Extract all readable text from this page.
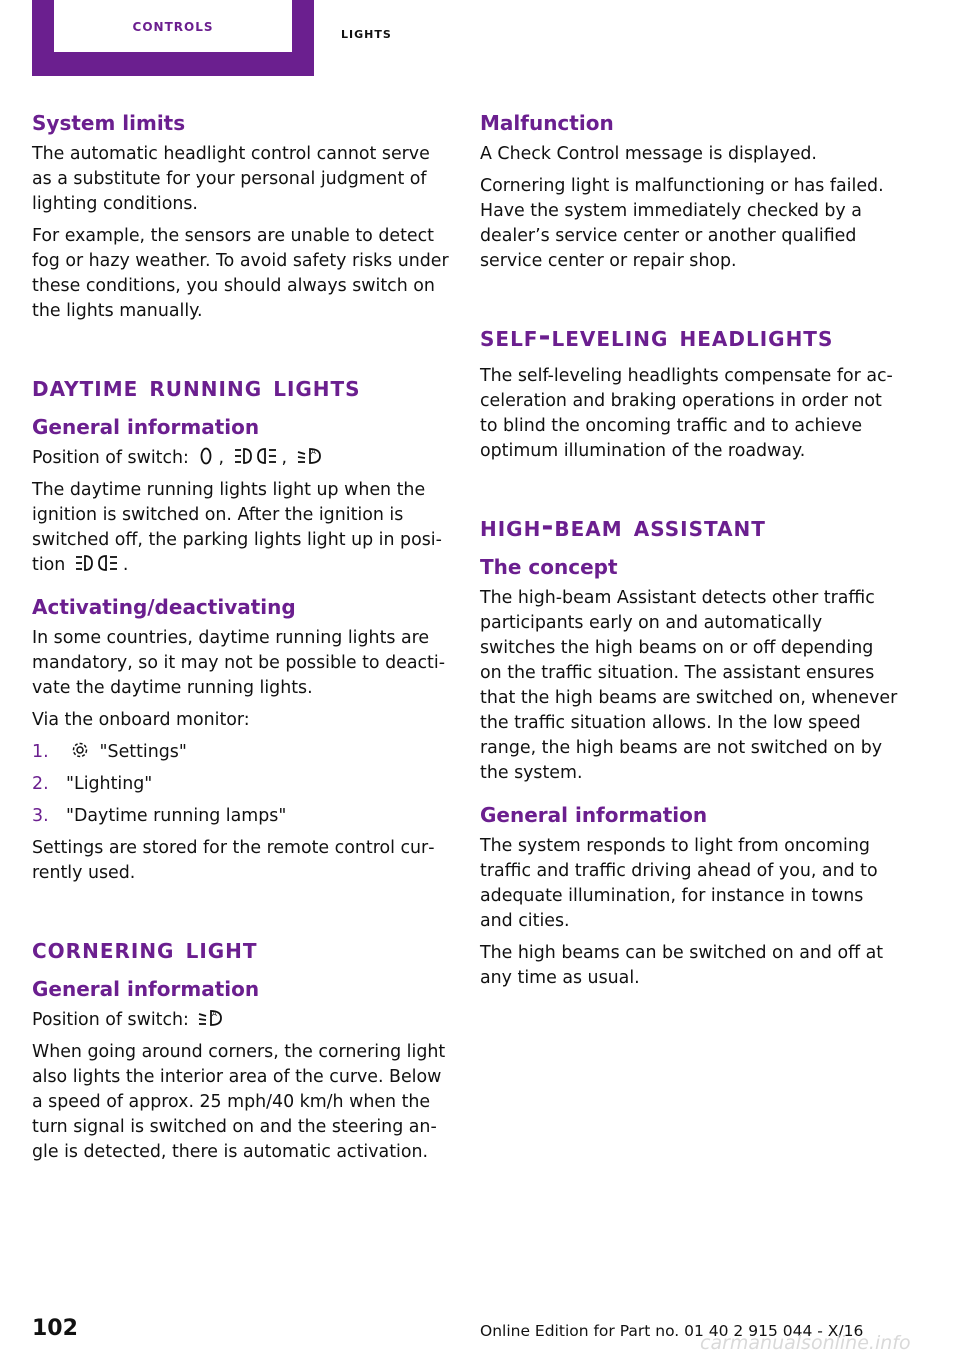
controls	lights
System limits

The automatic headlight control cannot serve as a substitute for your personal judgment of lighting conditions.

For example, the sensors are unable to detect fog or hazy weather. To avoid safety risks under these conditions, you should always switch on the lights manually.

daytime running lights
General information

Position of switch: ,	,	A

The daytime running lights light up when the ignition is switched on. After the ignition is switched off, the parking lights light up in posi‐ tion	.

Activating/deactivating

In some countries, daytime running lights are mandatory, so it may not be possible to deacti‐ vate the daytime running lights.

Via the onboard monitor:

1.	"Settings"
2.	"Lighting"
3.	"Daytime running lamps"

Settings are stored for the remote control cur‐ rently used.

cornering light
General information

Position of switch:	A

When going around corners, the cornering light also lights the interior area of the curve. Below a speed of approx. 25 mph/40 km/h when the turn signal is switched on and the steering an‐ gle is detected, there is automatic activation.

Malfunction

A Check Control message is displayed.

Cornering light is malfunctioning or has failed. Have the system immediately checked by a dealer’s service center or another qualified service center or repair shop.

self-leveling headlights

The self-leveling headlights compensate for ac‐ celeration and braking operations in order not to blind the oncoming traffic and to achieve optimum illumination of the roadway.

high-beam assistant
The concept

The high-beam Assistant detects other traffic participants early on and automatically switches the high beams on or off depending on the traffic situation. The assistant ensures that the high beams are switched on, whenever the traffic situation allows. In the low speed range, the high beams are not switched on by the system.

General information

The system responds to light from oncoming traffic and traffic driving ahead of you, and to adequate illumination, for instance in towns and cities.

The high beams can be switched on and off at any time as usual.

102	Online Edition for Part no. 01 40 2 915 044 - X/16
carmanualsonline.info
